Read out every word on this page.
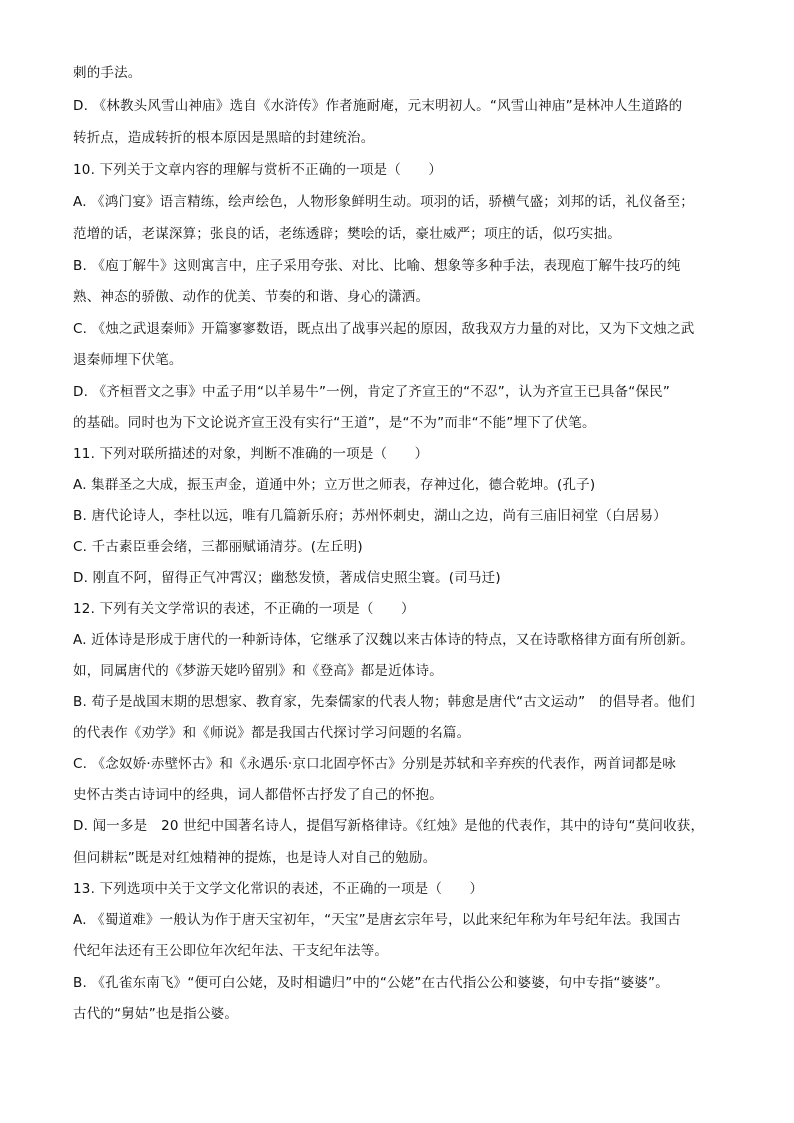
刺的手法。
D. 《林教头风雪山神庙》选自《水浒传》作者施耐庵，元末明初人。“风雪山神庙”是林冲人生道路的
转折点，造成转折的根本原因是黑暗的封建统治。
10. 下列关于文章内容的理解与赏析不正确的一项是（　　）
A. 《鸿门宴》语言精练，绘声绘色，人物形象鲜明生动。项羽的话，骄横气盛；刘邦的话，礼仪备至；
范增的话，老谋深算；张良的话，老练透辟；樊哙的话，豪壮威严；项庄的话，似巧实拙。
B. 《庖丁解牛》这则寓言中，庄子采用夸张、对比、比喻、想象等多种手法，表现庖丁解牛技巧的纯
熟、神态的骄傲、动作的优美、节奏的和谐、身心的潇洒。
C. 《烛之武退秦师》开篇寥寥数语，既点出了战事兴起的原因，敌我双方力量的对比，又为下文烛之武
退秦师埋下伏笔。
D. 《齐桓晋文之事》中孟子用“以羊易牛”一例，肯定了齐宣王的“不忍”，认为齐宣王已具备“保民”
的基础。同时也为下文论说齐宣王没有实行“王道”，是“不为”而非“不能”埋下了伏笔。
11. 下列对联所描述的对象，判断不准确的一项是（　　）
A. 集群圣之大成，振玉声金，道通中外；立万世之师表，存神过化，德合乾坤。(孔子)
B. 唐代论诗人，李杜以远，唯有几篇新乐府；苏州怀刺史，湖山之边，尚有三庙旧祠堂（白居易）
C. 千古素臣垂会绪，三都丽赋诵清芬。(左丘明)
D. 刚直不阿，留得正气冲霄汉；幽愁发愤，著成信史照尘寰。(司马迁)
12. 下列有关文学常识的表述，不正确的一项是（　　）
A. 近体诗是形成于唐代的一种新诗体，它继承了汉魏以来古体诗的特点，又在诗歌格律方面有所创新。
如，同属唐代的《梦游天姥吟留别》和《登高》都是近体诗。
B. 荀子是战国末期的思想家、教育家，先秦儒家的代表人物；韩愈是唐代“古文运动”　的倡导者。他们
的代表作《劝学》和《师说》都是我国古代探讨学习问题的名篇。
C. 《念奴娇·赤壁怀古》和《永遇乐·京口北固亭怀古》分别是苏轼和辛弃疾的代表作，两首词都是咏
史怀古类古诗词中的经典，词人都借怀古抒发了自己的怀抱。
D. 闻一多是　20 世纪中国著名诗人，提倡写新格律诗。《红烛》是他的代表作，其中的诗句“莫问收获，
但问耕耘”既是对红烛精神的提炼，也是诗人对自己的勉励。
13. 下列选项中关于文学文化常识的表述，不正确的一项是（　　）
A. 《蜀道难》一般认为作于唐天宝初年，“天宝”是唐玄宗年号，以此来纪年称为年号纪年法。我国古
代纪年法还有王公即位年次纪年法、干支纪年法等。
B. 《孔雀东南飞》“便可白公姥，及时相谴归”中的“公姥”在古代指公公和婆婆，句中专指“婆婆”。
古代的“舅姑”也是指公婆。
